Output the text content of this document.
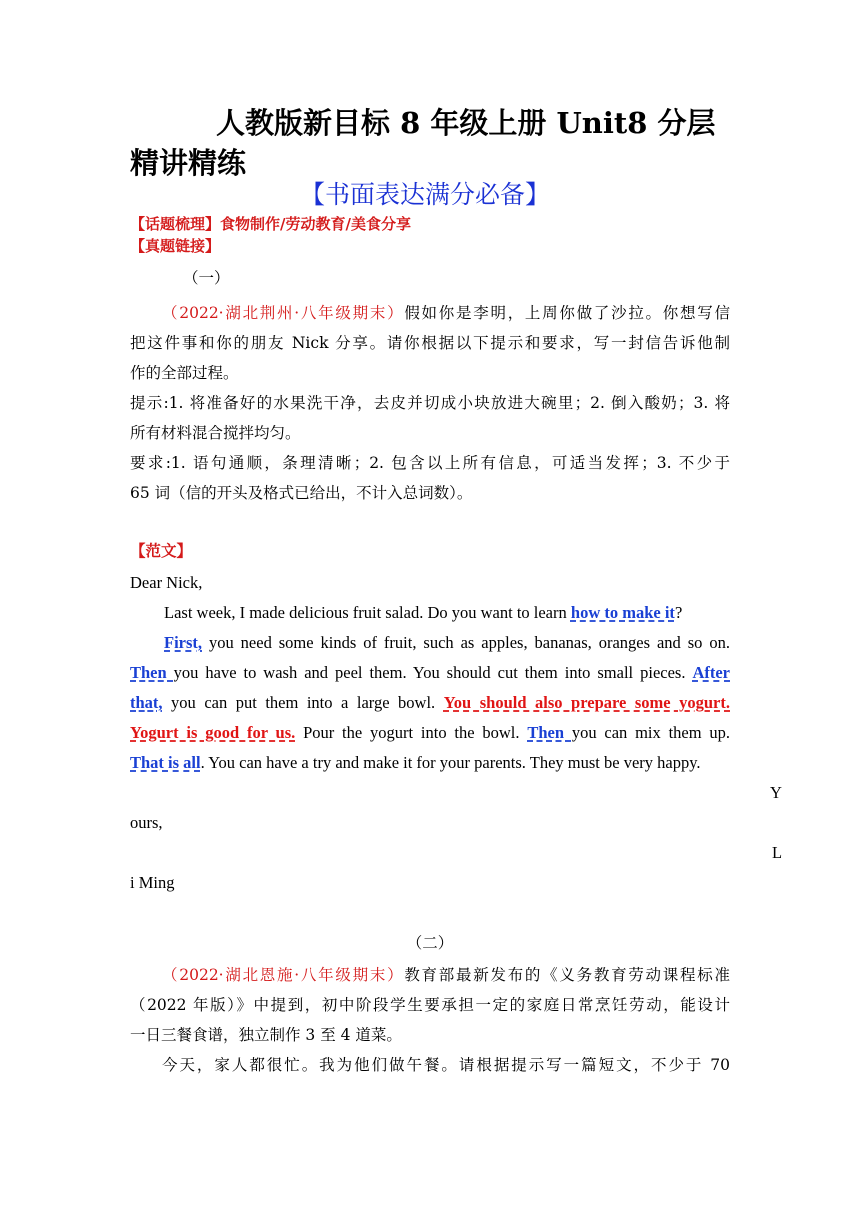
人教版新目标 8 年级上册 Unit8 分层精讲精练
【书面表达满分必备】
【话题梳理】食物制作/劳动教育/美食分享
【真题链接】
（一）
（2022·湖北荆州·八年级期末）假如你是李明，上周你做了沙拉。你想写信
把这件事和你的朋友 Nick 分享。请你根据以下提示和要求，写一封信告诉他制
作的全部过程。
提示:1. 将准备好的水果洗干净，去皮并切成小块放进大碗里；2. 倒入酸奶；3. 将
所有材料混合搅拌均匀。
要求:1. 语句通顺，条理清晰；2. 包含以上所有信息，可适当发挥；3. 不少于
65 词（信的开头及格式已给出，不计入总词数）。
【范文】
Dear Nick,
Last week, I made delicious fruit salad. Do you want to learn how to make it?
First, you need some kinds of fruit, such as apples, bananas, oranges and so on.
Then you have to wash and peel them. You should cut them into small pieces. After
that, you can put them into a large bowl. You should also prepare some yogurt.
Yogurt is good for us. Pour the yogurt into the bowl. Then you can mix them up.
That is all. You can have a try and make it for your parents. They must be very happy.
Y
ours,
L
i Ming
（二）
（2022·湖北恩施·八年级期末）教育部最新发布的《义务教育劳动课程标准
（2022 年版）》中提到，初中阶段学生要承担一定的家庭日常烹饪劳动，能设计
一日三餐食谱，独立制作 3 至 4 道菜。
今天，家人都很忙。我为他们做午餐。请根据提示写一篇短文，不少于 70
